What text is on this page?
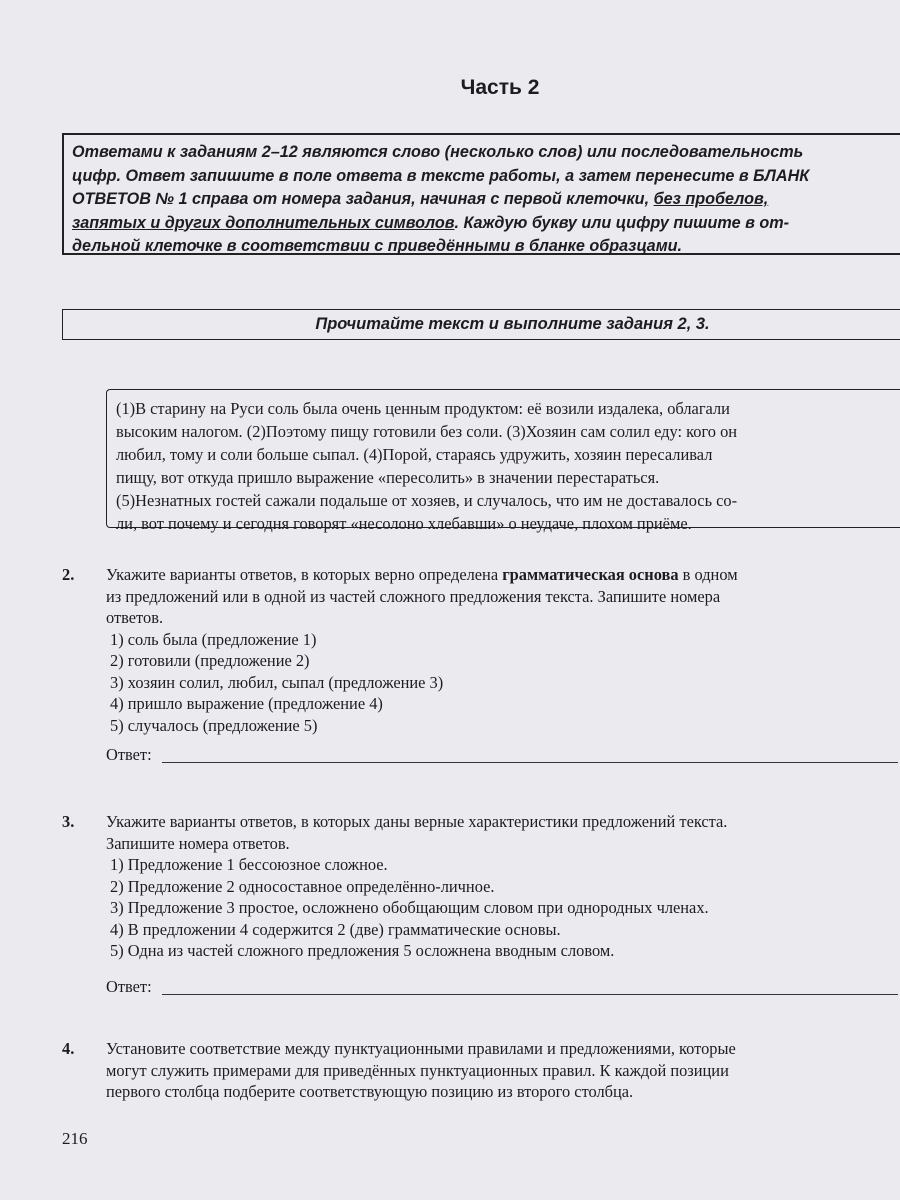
Часть 2
Ответами к заданиям 2–12 являются слово (несколько слов) или последовательность
цифр. Ответ запишите в поле ответа в тексте работы, а затем перенесите в БЛАНК
ОТВЕТОВ № 1 справа от номера задания, начиная с первой клеточки, без пробелов,
запятых и других дополнительных символов. Каждую букву или цифру пишите в от-
дельной клеточке в соответствии с приведёнными в бланке образцами.
Прочитайте текст и выполните задания 2, 3.
(1)В старину на Руси соль была очень ценным продуктом: её возили издалека, облагали
высоким налогом. (2)Поэтому пищу готовили без соли. (3)Хозяин сам солил еду: кого он
любил, тому и соли больше сыпал. (4)Порой, стараясь удружить, хозяин пересаливал
пищу, вот откуда пришло выражение «пересолить» в значении перестараться.
(5)Незнатных гостей сажали подальше от хозяев, и случалось, что им не доставалось со-
ли, вот почему и сегодня говорят «несолоно хлебавши» о неудаче, плохом приёме.
2. Укажите варианты ответов, в которых верно определена грамматическая основа в одном
из предложений или в одной из частей сложного предложения текста. Запишите номера
ответов.
1) соль была (предложение 1)
2) готовили (предложение 2)
3) хозяин солил, любил, сыпал (предложение 3)
4) пришло выражение (предложение 4)
5) случалось (предложение 5)
Ответ:
3. Укажите варианты ответов, в которых даны верные характеристики предложений текста.
Запишите номера ответов.
1) Предложение 1 бессоюзное сложное.
2) Предложение 2 односоставное определённо-личное.
3) Предложение 3 простое, осложнено обобщающим словом при однородных членах.
4) В предложении 4 содержится 2 (две) грамматические основы.
5) Одна из частей сложного предложения 5 осложнена вводным словом.
Ответ:
4. Установите соответствие между пунктуационными правилами и предложениями, которые
могут служить примерами для приведённых пунктуационных правил. К каждой позиции
первого столбца подберите соответствующую позицию из второго столбца.
216
